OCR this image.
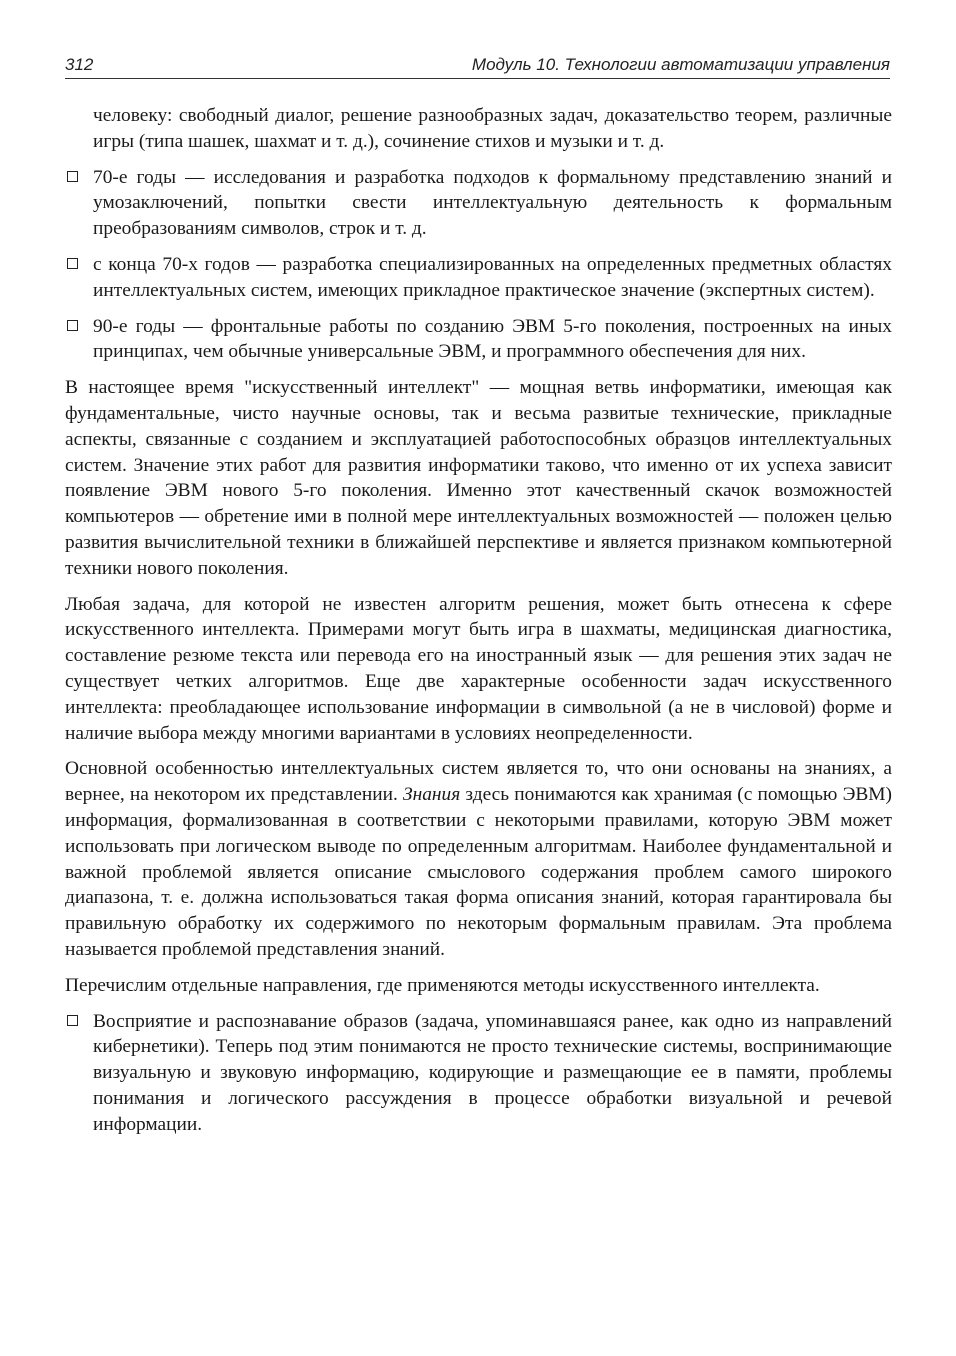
312	Модуль 10. Технологии автоматизации управления

человеку: свободный диалог, решение разнообразных задач, доказательство теорем, различные игры (типа шашек, шахмат и т. д.), сочинение стихов и музыки и т. д.

70-е годы — исследования и разработка подходов к формальному представлению знаний и умозаключений, попытки свести интеллектуальную деятельность к формальным преобразованиям символов, строк и т. д.
с конца 70-х годов — разработка специализированных на определенных предметных областях интеллектуальных систем, имеющих прикладное практическое значение (экспертных систем).
90-е годы — фронтальные работы по созданию ЭВМ 5-го поколения, построенных на иных принципах, чем обычные универсальные ЭВМ, и программного обеспечения для них.

В настоящее время "искусственный интеллект" — мощная ветвь информатики, имеющая как фундаментальные, чисто научные основы, так и весьма развитые технические, прикладные аспекты, связанные с созданием и эксплуатацией работоспособных образцов интеллектуальных систем. Значение этих работ для развития информатики таково, что именно от их успеха зависит появление ЭВМ нового 5-го поколения. Именно этот качественный скачок возможностей компьютеров — обретение ими в полной мере интеллектуальных возможностей — положен целью развития вычислительной техники в ближайшей перспективе и является признаком компьютерной техники нового поколения.

Любая задача, для которой не известен алгоритм решения, может быть отнесена к сфере искусственного интеллекта. Примерами могут быть игра в шахматы, медицинская диагностика, составление резюме текста или перевода его на иностранный язык — для решения этих задач не существует четких алгоритмов. Еще две характерные особенности задач искусственного интеллекта: преобладающее использование информации в символьной (а не в числовой) форме и наличие выбора между многими вариантами в условиях неопределенности.

Основной особенностью интеллектуальных систем является то, что они основаны на знаниях, а вернее, на некотором их представлении. Знания здесь понимаются как хранимая (с помощью ЭВМ) информация, формализованная в соответствии с некоторыми правилами, которую ЭВМ может использовать при логическом выводе по определенным алгоритмам. Наиболее фундаментальной и важной проблемой является описание смыслового содержания проблем самого широкого диапазона, т. е. должна использоваться такая форма описания знаний, которая гарантировала бы правильную обработку их содержимого по некоторым формальным правилам. Эта проблема называется проблемой представления знаний.

Перечислим отдельные направления, где применяются методы искусственного интеллекта.

Восприятие и распознавание образов (задача, упоминавшаяся ранее, как одно из направлений кибернетики). Теперь под этим понимаются не просто технические системы, воспринимающие визуальную и звуковую информацию, кодирующие и размещающие ее в памяти, проблемы понимания и логического рассуждения в процессе обработки визуальной и речевой информации.
